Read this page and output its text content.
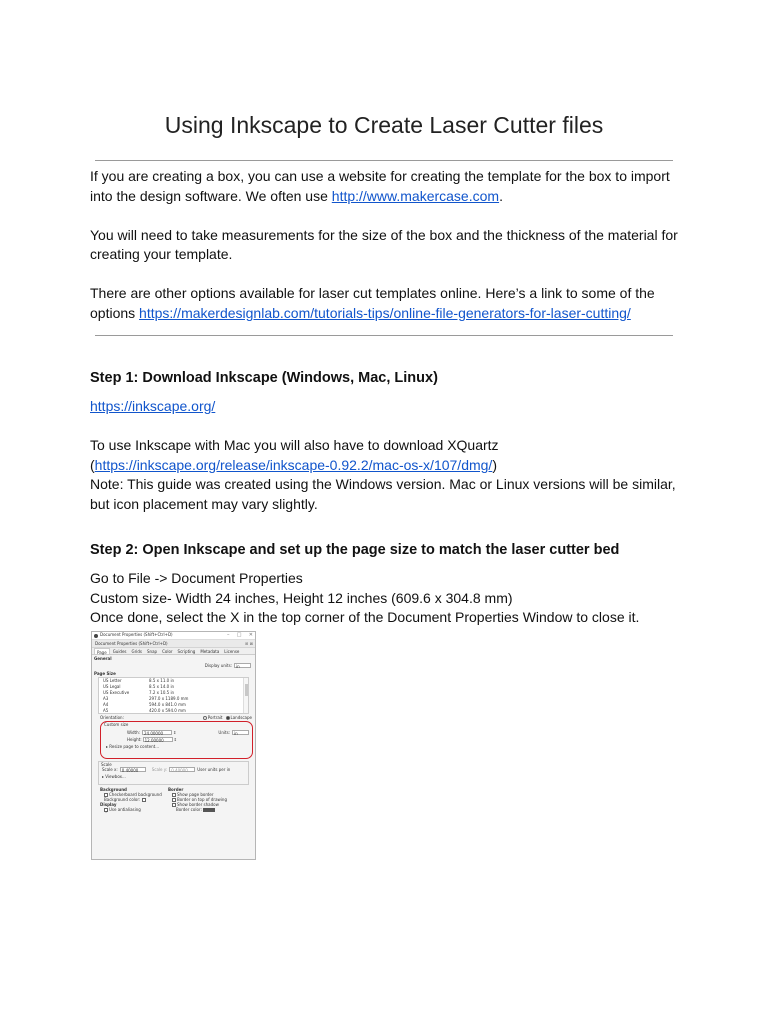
Using Inkscape to Create Laser Cutter files

If you are creating a box, you can use a website for creating the template for the box to import into the design software. We often use http://www.makercase.com.

You will need to take measurements for the size of the box and the thickness of the material for creating your template.

There are other options available for laser cut templates online. Here’s a link to some of the options https://makerdesignlab.com/tutorials-tips/online-file-generators-for-laser-cutting/

Step 1: Download Inkscape (Windows, Mac, Linux)

https://inkscape.org/

To use Inkscape with Mac you will also have to download XQuartz

(https://inkscape.org/release/inkscape-0.92.2/mac-os-x/107/dmg/)

Note: This guide was created using the Windows version. Mac or Linux versions will be similar, but icon placement may vary slightly.

Step 2: Open Inkscape and set up the page size to match the laser cutter bed

Go to File -> Document Properties

Custom size- Width 24 inches, Height 12 inches (609.6 x 304.8 mm)

Once done, select the X in the top corner of the Document Properties Window to close it.

Document Properties (Shift+Ctrl+D)	– □ ✕
Document Properties (Shift+Ctrl+D)	⊞ ⊠
Page	Guides	Grids	Snap	Color	Scripting	Metadata	License
General
Display units:	in
Page Size
US Letter	8.5 x 11.0 in
US Legal	8.5 x 14.0 in
US Executive	7.2 x 10.5 in
A3	297.0 x 1189.0 mm
A4	594.0 x 841.0 mm
A5	420.0 x 594.0 mm
Orientation:	Portrait	Landscape
Custom size
Width:	24.00000	⇕	Units:	in
Height: 12.00000	⇕
▸ Resize page to content...
Scale
Scale x:	0.40000	Scale y:	0.40000	User units per in
▸ Viewbox...
Background
Checkerboard background
Background color:
Display
✓Use antialiasing
Border
Show page border
Border on top of drawing
Show border shadow
Border color:
